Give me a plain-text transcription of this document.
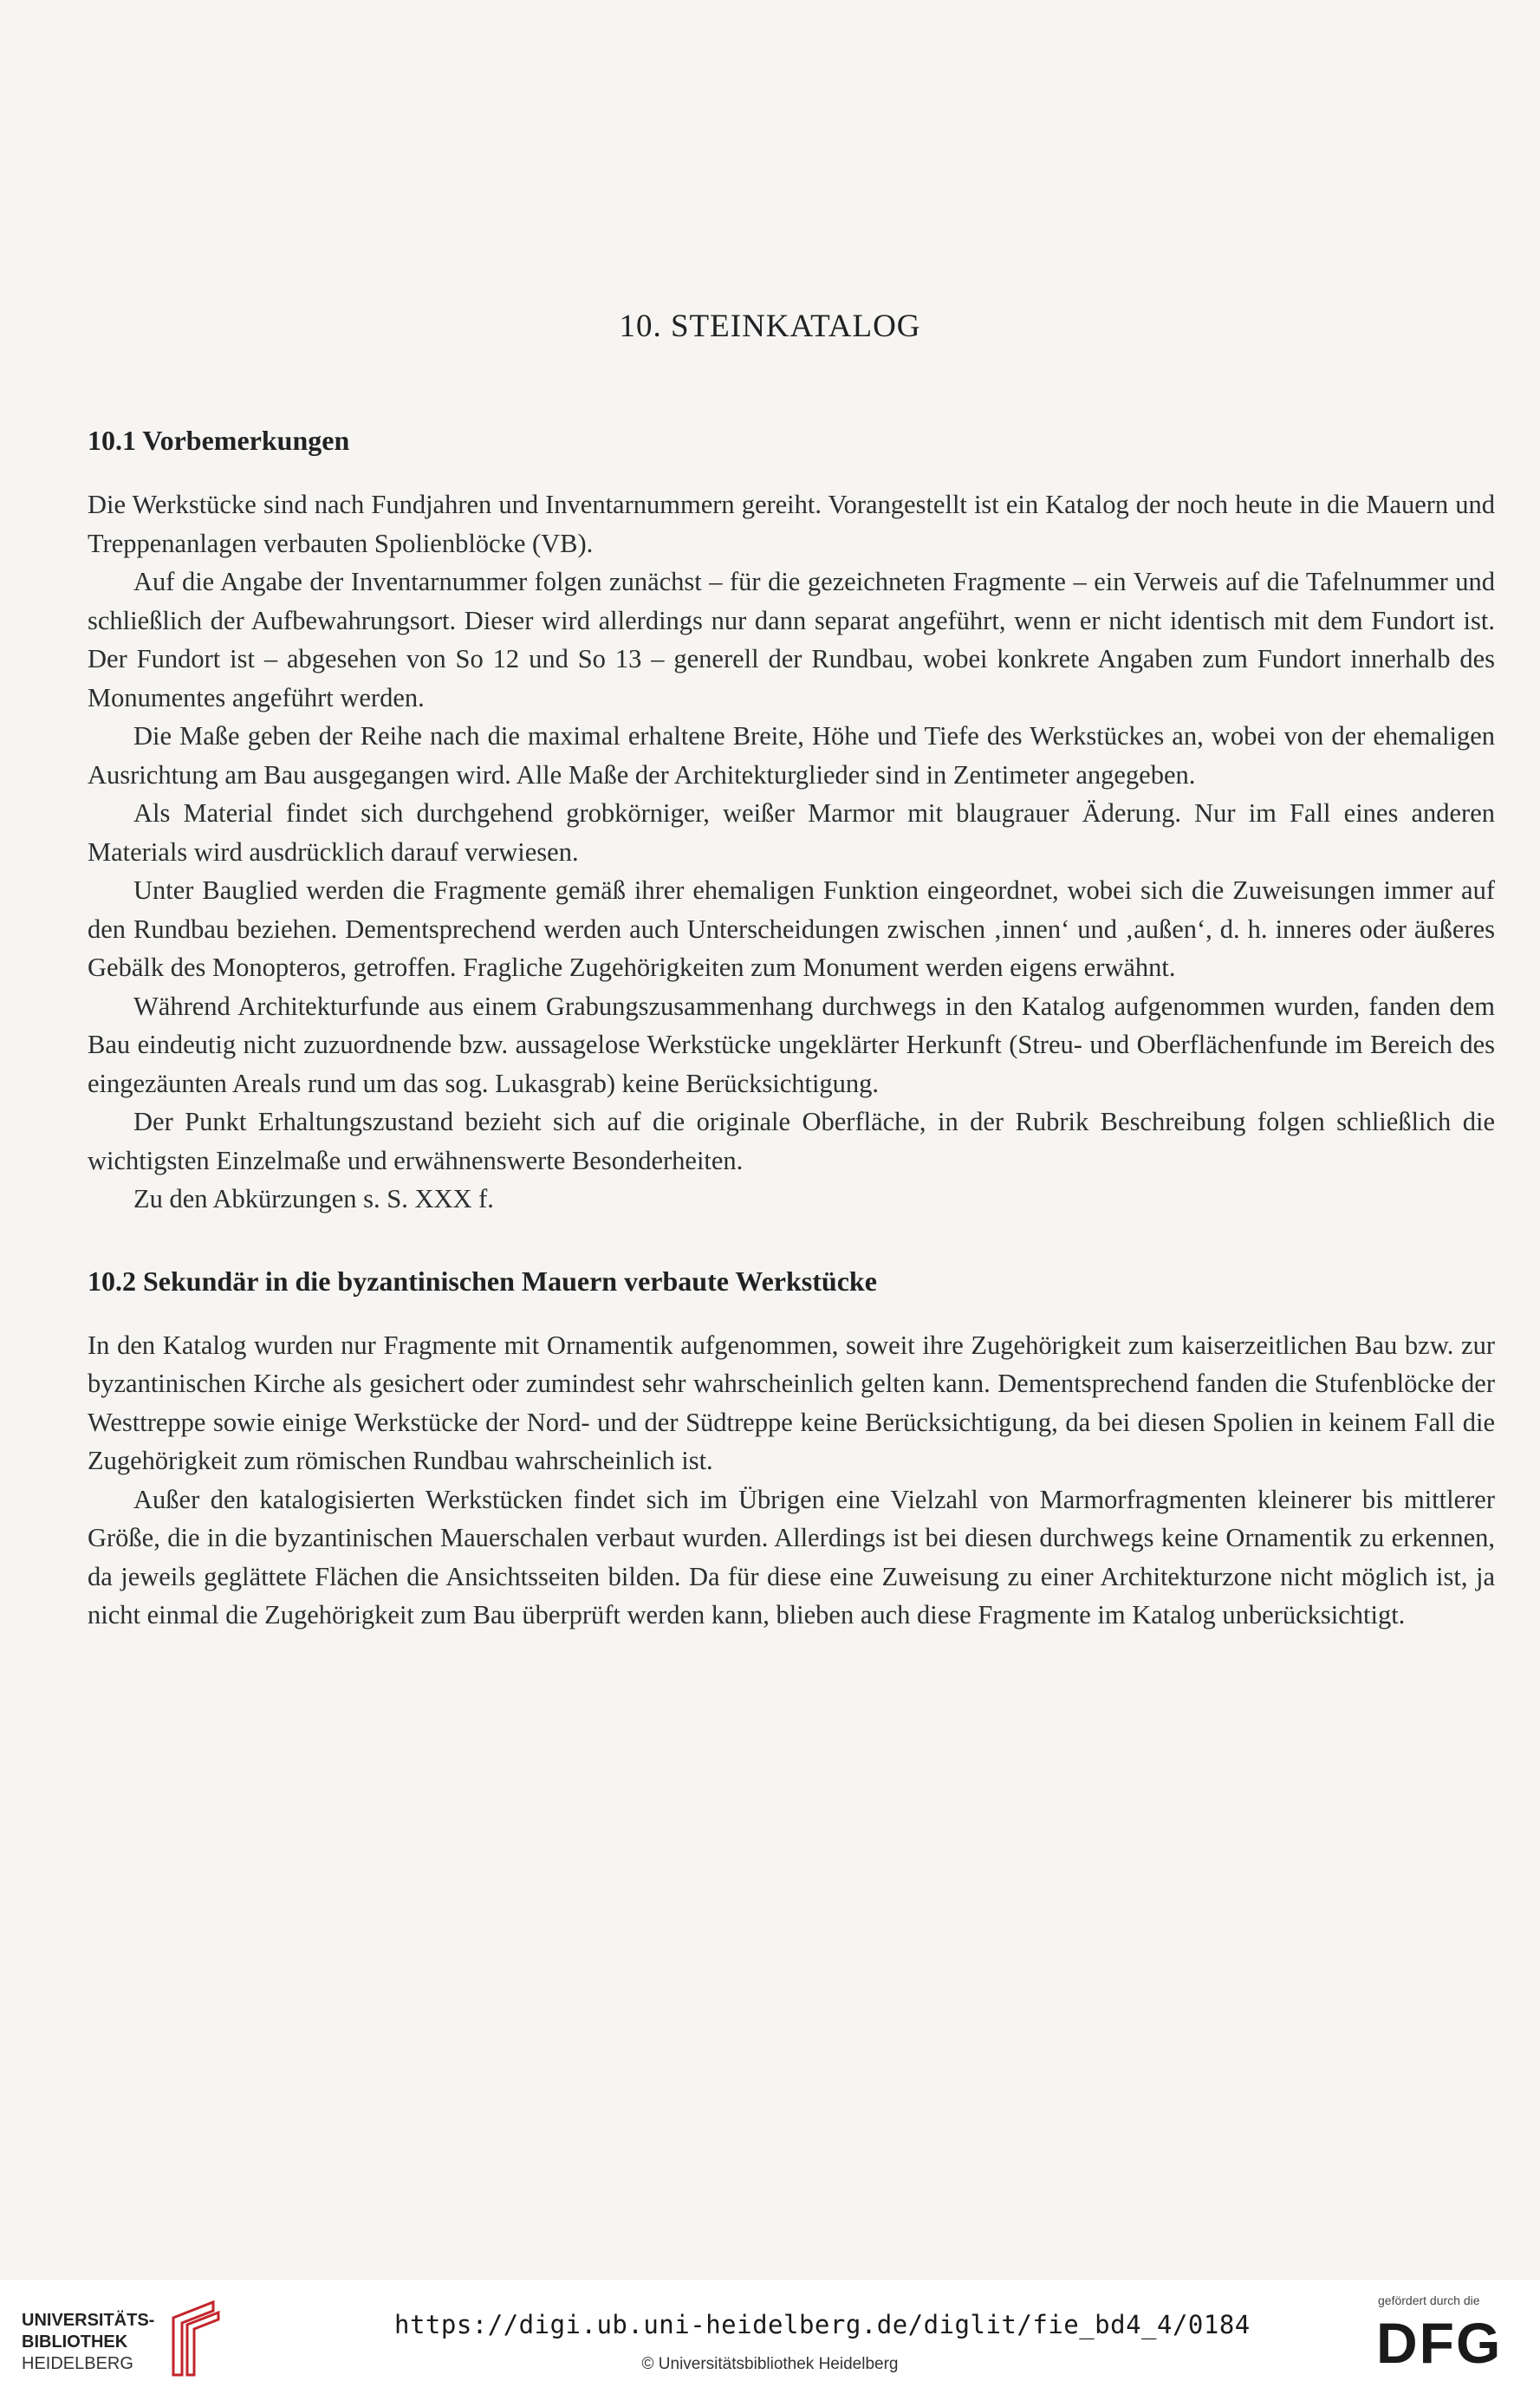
10. STEINKATALOG
10.1 Vorbemerkungen

Die Werkstücke sind nach Fundjahren und Inventarnummern gereiht. Vorangestellt ist ein Katalog der noch heute in die Mauern und Treppenanlagen verbauten Spolienblöcke (VB).

Auf die Angabe der Inventarnummer folgen zunächst – für die gezeichneten Fragmente – ein Verweis auf die Tafelnummer und schließlich der Aufbewahrungsort. Dieser wird allerdings nur dann separat angeführt, wenn er nicht identisch mit dem Fundort ist. Der Fundort ist – abgesehen von So 12 und So 13 – generell der Rundbau, wobei konkrete Angaben zum Fundort innerhalb des Monumentes angeführt werden.

Die Maße geben der Reihe nach die maximal erhaltene Breite, Höhe und Tiefe des Werkstückes an, wobei von der ehemaligen Ausrichtung am Bau ausgegangen wird. Alle Maße der Architekturglieder sind in Zentimeter angegeben.

Als Material findet sich durchgehend grobkörniger, weißer Marmor mit blaugrauer Äderung. Nur im Fall eines anderen Materials wird ausdrücklich darauf verwiesen.

Unter Bauglied werden die Fragmente gemäß ihrer ehemaligen Funktion eingeordnet, wobei sich die Zuweisungen immer auf den Rundbau beziehen. Dementsprechend werden auch Unterscheidungen zwischen ‚innen‘ und ‚außen‘, d. h. inneres oder äußeres Gebälk des Monopteros, getroffen. Fragliche Zugehörigkeiten zum Monument werden eigens erwähnt.

Während Architekturfunde aus einem Grabungszusammenhang durchwegs in den Katalog aufgenommen wurden, fanden dem Bau eindeutig nicht zuzuordnende bzw. aussagelose Werkstücke ungeklärter Herkunft (Streu- und Oberflächenfunde im Bereich des eingezäunten Areals rund um das sog. Lukasgrab) keine Berücksichtigung.

Der Punkt Erhaltungszustand bezieht sich auf die originale Oberfläche, in der Rubrik Beschreibung folgen schließlich die wichtigsten Einzelmaße und erwähnenswerte Besonderheiten.

Zu den Abkürzungen s. S. XXX f.

10.2 Sekundär in die byzantinischen Mauern verbaute Werkstücke

In den Katalog wurden nur Fragmente mit Ornamentik aufgenommen, soweit ihre Zugehörigkeit zum kaiserzeitlichen Bau bzw. zur byzantinischen Kirche als gesichert oder zumindest sehr wahrscheinlich gelten kann. Dementsprechend fanden die Stufenblöcke der Westtreppe sowie einige Werkstücke der Nord- und der Südtreppe keine Berücksichtigung, da bei diesen Spolien in keinem Fall die Zugehörigkeit zum römischen Rundbau wahrscheinlich ist.

Außer den katalogisierten Werkstücken findet sich im Übrigen eine Vielzahl von Marmorfragmenten kleinerer bis mittlerer Größe, die in die byzantinischen Mauerschalen verbaut wurden. Allerdings ist bei diesen durchwegs keine Ornamentik zu erkennen, da jeweils geglättete Flächen die Ansichtsseiten bilden. Da für diese eine Zuweisung zu einer Architekturzone nicht möglich ist, ja nicht einmal die Zugehörigkeit zum Bau überprüft werden kann, blieben auch diese Fragmente im Katalog unberücksichtigt.

UNIVERSITÄTS-
BIBLIOTHEK
HEIDELBERG
https://digi.ub.uni-heidelberg.de/diglit/fie_bd4_4/0184
© Universitätsbibliothek Heidelberg
gefördert durch die
DFG
